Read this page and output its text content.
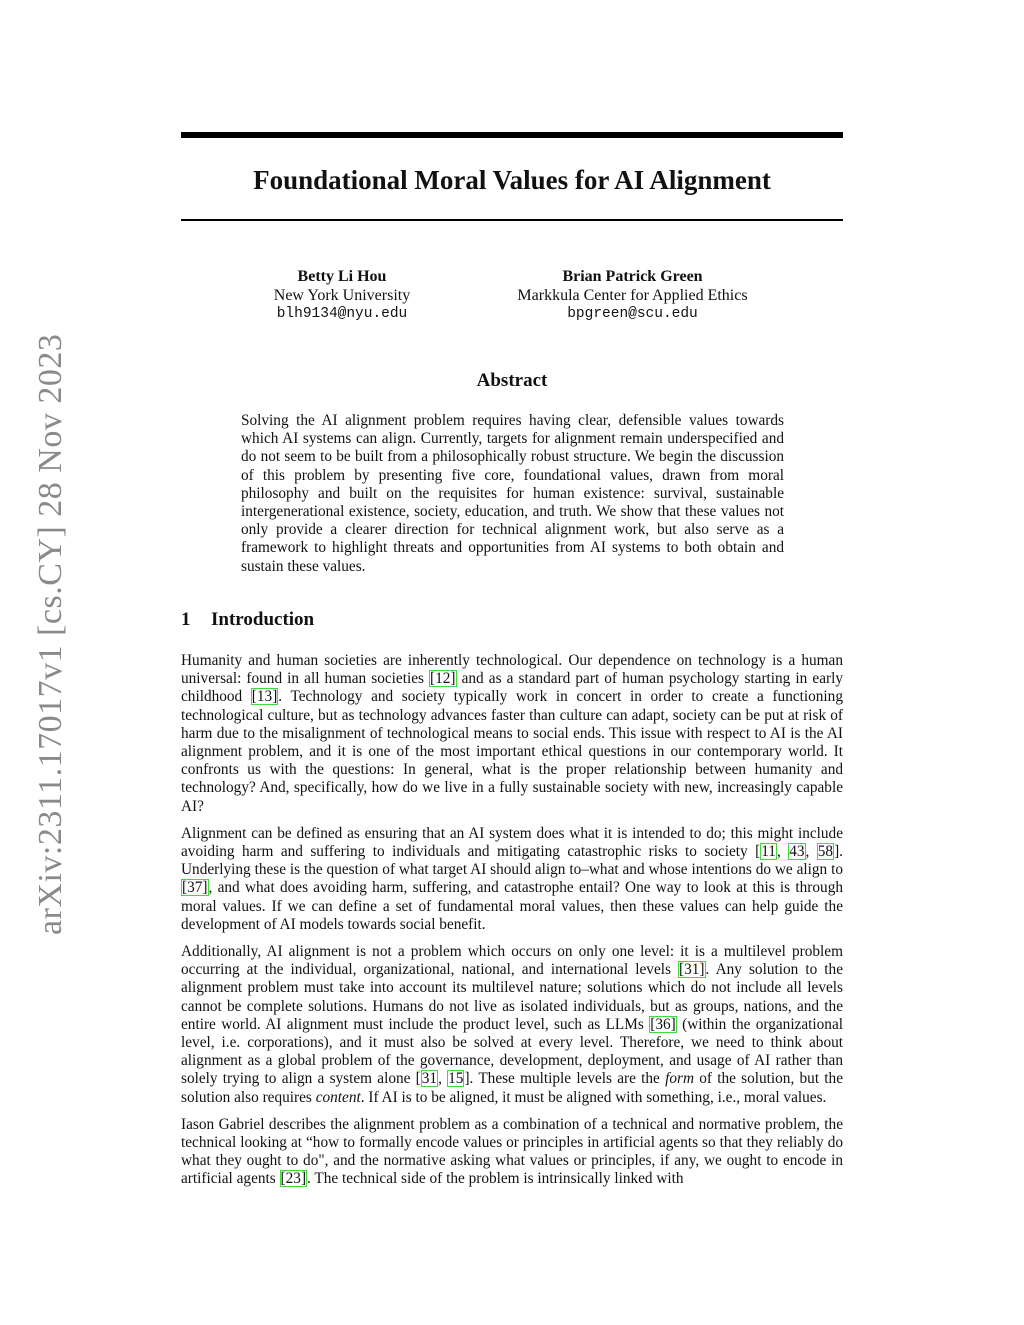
arXiv:2311.17017v1 [cs.CY] 28 Nov 2023
Foundational Moral Values for AI Alignment
Betty Li Hou
New York University
blh9134@nyu.edu
Brian Patrick Green
Markkula Center for Applied Ethics
bpgreen@scu.edu
Abstract
Solving the AI alignment problem requires having clear, defensible values towards which AI systems can align. Currently, targets for alignment remain underspecified and do not seem to be built from a philosophically robust structure. We begin the discussion of this problem by presenting five core, foundational values, drawn from moral philosophy and built on the requisites for human existence: survival, sustainable intergenerational existence, society, education, and truth. We show that these values not only provide a clearer direction for technical alignment work, but also serve as a framework to highlight threats and opportunities from AI systems to both obtain and sustain these values.
1 Introduction

Humanity and human societies are inherently technological. Our dependence on technology is a human universal: found in all human societies [12] and as a standard part of human psychology starting in early childhood [13]. Technology and society typically work in concert in order to create a functioning technological culture, but as technology advances faster than culture can adapt, society can be put at risk of harm due to the misalignment of technological means to social ends. This issue with respect to AI is the AI alignment problem, and it is one of the most important ethical questions in our contemporary world. It confronts us with the questions: In general, what is the proper relationship between humanity and technology? And, specifically, how do we live in a fully sustainable society with new, increasingly capable AI?

Alignment can be defined as ensuring that an AI system does what it is intended to do; this might include avoiding harm and suffering to individuals and mitigating catastrophic risks to society [11, 43, 58]. Underlying these is the question of what target AI should align to–what and whose intentions do we align to [37], and what does avoiding harm, suffering, and catastrophe entail? One way to look at this is through moral values. If we can define a set of fundamental moral values, then these values can help guide the development of AI models towards social benefit.

Additionally, AI alignment is not a problem which occurs on only one level: it is a multilevel problem occurring at the individual, organizational, national, and international levels [31]. Any solution to the alignment problem must take into account its multilevel nature; solutions which do not include all levels cannot be complete solutions. Humans do not live as isolated individuals, but as groups, nations, and the entire world. AI alignment must include the product level, such as LLMs [36] (within the organizational level, i.e. corporations), and it must also be solved at every level. Therefore, we need to think about alignment as a global problem of the governance, development, deployment, and usage of AI rather than solely trying to align a system alone [31, 15]. These multiple levels are the form of the solution, but the solution also requires content. If AI is to be aligned, it must be aligned with something, i.e., moral values.

Iason Gabriel describes the alignment problem as a combination of a technical and normative problem, the technical looking at “how to formally encode values or principles in artificial agents so that they reliably do what they ought to do", and the normative asking what values or principles, if any, we ought to encode in artificial agents [23]. The technical side of the problem is intrinsically linked with
